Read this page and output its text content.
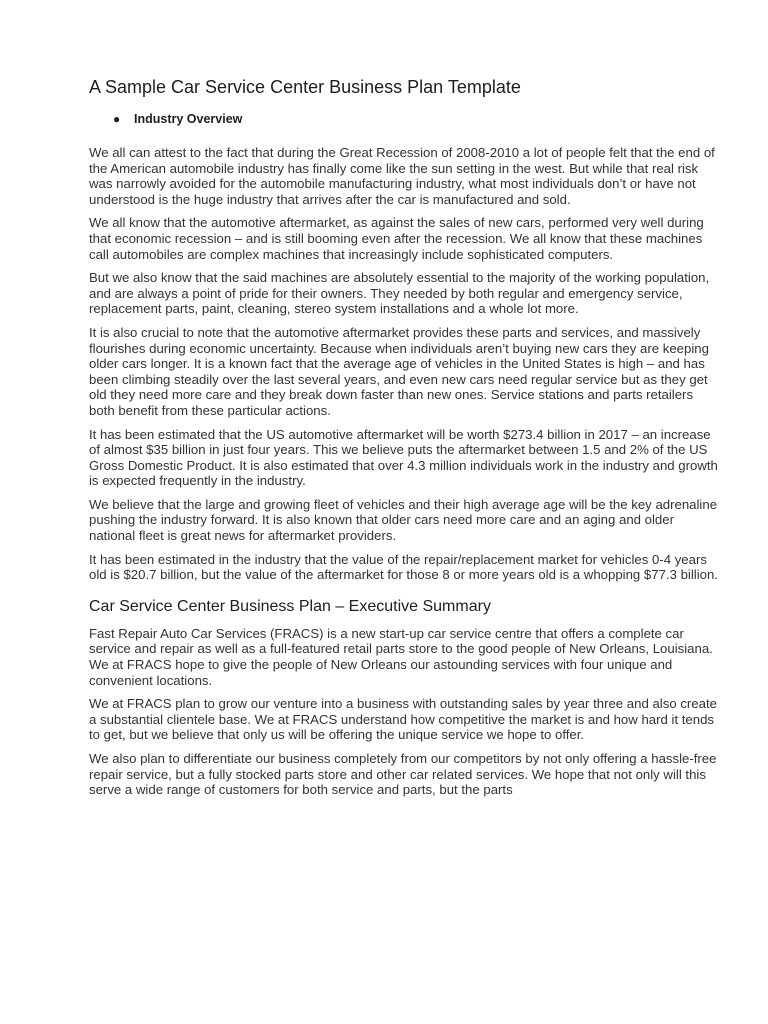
A Sample Car Service Center Business Plan Template
● Industry Overview

We all can attest to the fact that during the Great Recession of 2008-2010 a lot of people felt that the end of the American automobile industry has finally come like the sun setting in the west. But while that real risk was narrowly avoided for the automobile manufacturing industry, what most individuals don’t or have not understood is the huge industry that arrives after the car is manufactured and sold.

We all know that the automotive aftermarket, as against the sales of new cars, performed very well during that economic recession – and is still booming even after the recession. We all know that these machines call automobiles are complex machines that increasingly include sophisticated computers.

But we also know that the said machines are absolutely essential to the majority of the working population, and are always a point of pride for their owners. They needed by both regular and emergency service, replacement parts, paint, cleaning, stereo system installations and a whole lot more.

It is also crucial to note that the automotive aftermarket provides these parts and services, and massively flourishes during economic uncertainty. Because when individuals aren’t buying new cars they are keeping older cars longer. It is a known fact that the average age of vehicles in the United States is high – and has been climbing steadily over the last several years, and even new cars need regular service but as they get old they need more care and they break down faster than new ones. Service stations and parts retailers both benefit from these particular actions.

It has been estimated that the US automotive aftermarket will be worth $273.4 billion in 2017 – an increase of almost $35 billion in just four years. This we believe puts the aftermarket between 1.5 and 2% of the US Gross Domestic Product. It is also estimated that over 4.3 million individuals work in the industry and growth is expected frequently in the industry.

We believe that the large and growing fleet of vehicles and their high average age will be the key adrenaline pushing the industry forward. It is also known that older cars need more care and an aging and older national fleet is great news for aftermarket providers.

It has been estimated in the industry that the value of the repair/replacement market for vehicles 0-4 years old is $20.7 billion, but the value of the aftermarket for those 8 or more years old is a whopping $77.3 billion.

Car Service Center Business Plan – Executive Summary

Fast Repair Auto Car Services (FRACS) is a new start-up car service centre that offers a complete car service and repair as well as a full-featured retail parts store to the good people of New Orleans, Louisiana. We at FRACS hope to give the people of New Orleans our astounding services with four unique and convenient locations.

We at FRACS plan to grow our venture into a business with outstanding sales by year three and also create a substantial clientele base. We at FRACS understand how competitive the market is and how hard it tends to get, but we believe that only us will be offering the unique service we hope to offer.

We also plan to differentiate our business completely from our competitors by not only offering a hassle-free repair service, but a fully stocked parts store and other car related services. We hope that not only will this serve a wide range of customers for both service and parts, but the parts
